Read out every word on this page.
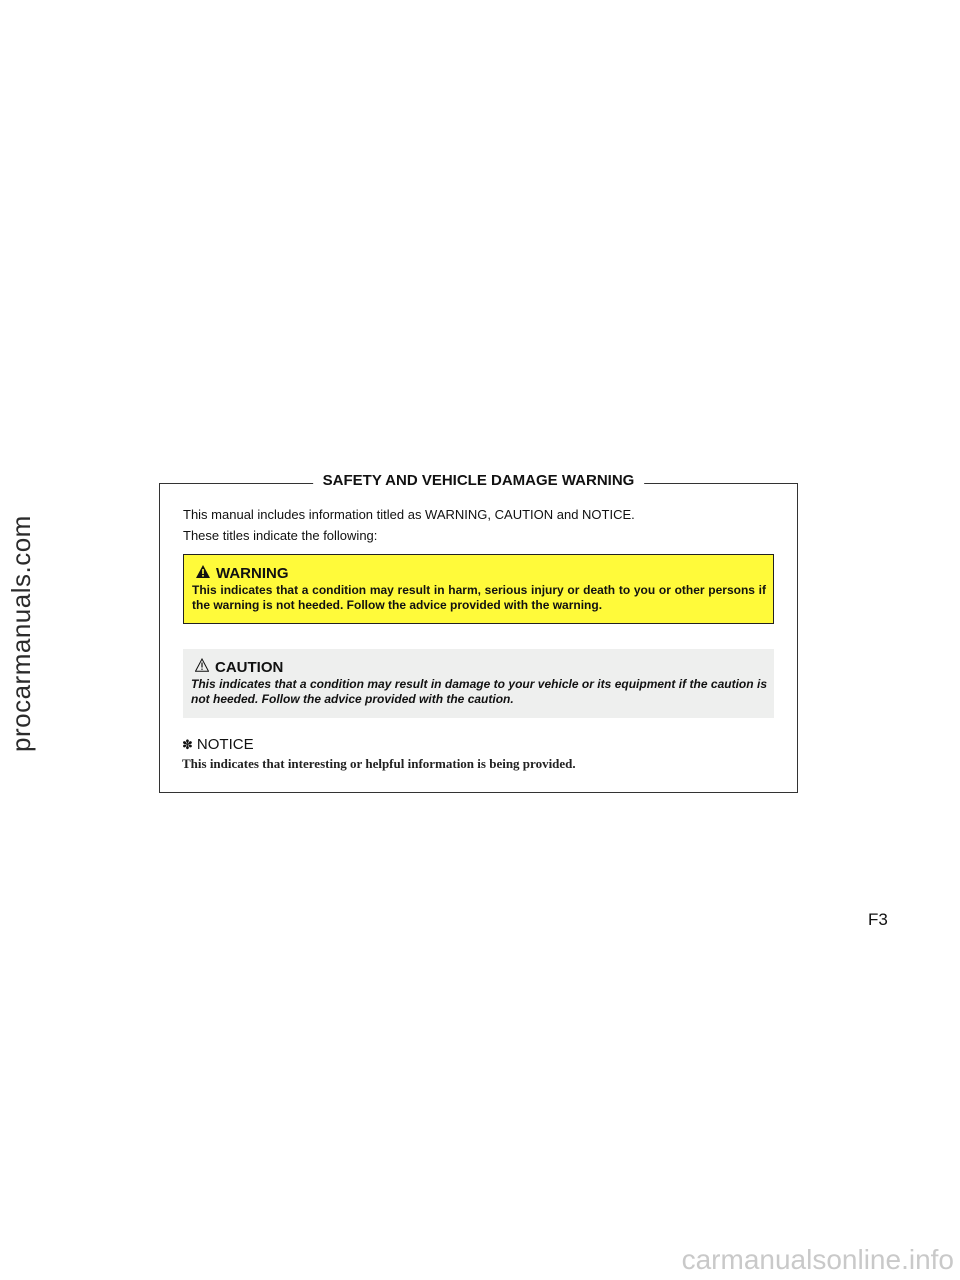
procarmanuals.com
carmanualsonline.info
SAFETY AND VEHICLE DAMAGE WARNING
This manual includes information titled as WARNING, CAUTION and NOTICE.
These titles indicate the following:
WARNING
This indicates that a condition may result in harm, serious injury or death to you or other persons if the warning is not heeded. Follow the advice provided with the warning.
CAUTION
This indicates that a condition may result in damage to your vehicle or its equipment if the caution is not heeded. Follow the advice provided with the caution.
✽ NOTICE
This indicates that interesting or helpful information is being provided.
F3
